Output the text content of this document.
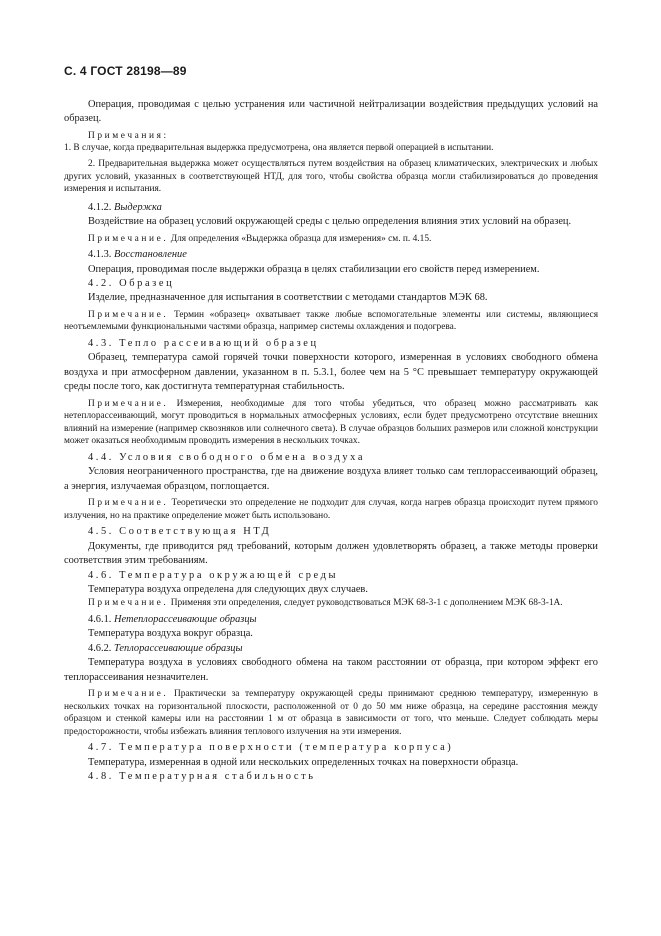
С. 4 ГОСТ 28198—89

Операция, проводимая с целью устранения или частичной нейтрализации воздействия предыдущих условий на образец.

Примечания:

1. В случае, когда предварительная выдержка предусмотрена, она является первой операцией в испытании.

2. Предварительная выдержка может осуществляться путем воздействия на образец климатических, электрических и любых других условий, указанных в соответствующей НТД, для того, чтобы свойства образца могли стабилизироваться до проведения измерения и испытания.

4.1.2. Выдержка

Воздействие на образец условий окружающей среды с целью определения влияния этих условий на образец.

Примечание. Для определения «Выдержка образца для измерения» см. п. 4.15.

4.1.3. Восстановление

Операция, проводимая после выдержки образца в целях стабилизации его свойств перед измерением.

4.2. Образец

Изделие, предназначенное для испытания в соответствии с методами стандартов МЭК 68.

Примечание. Термин «образец» охватывает также любые вспомогательные элементы или системы, являющиеся неотъемлемыми функциональными частями образца, например системы охлаждения и подогрева.

4.3. Тепло рассеивающий образец

Образец, температура самой горячей точки поверхности которого, измеренная в условиях свободного обмена воздуха и при атмосферном давлении, указанном в п. 5.3.1, более чем на 5 °С превышает температуру окружающей среды после того, как достигнута температурная стабильность.

Примечание. Измерения, необходимые для того чтобы убедиться, что образец можно рассматривать как нетеплорассеивающий, могут проводиться в нормальных атмосферных условиях, если будет предусмотрено отсутствие внешних влияний на измерение (например сквозняков или солнечного света). В случае образцов больших размеров или сложной конструкции может оказаться необходимым проводить измерения в нескольких точках.

4.4. Условия свободного обмена воздуха

Условия неограниченного пространства, где на движение воздуха влияет только сам теплорассеивающий образец, а энергия, излучаемая образцом, поглощается.

Примечание. Теоретически это определение не подходит для случая, когда нагрев образца происходит путем прямого излучения, но на практике определение может быть использовано.

4.5. Соответствующая НТД

Документы, где приводится ряд требований, которым должен удовлетворять образец, а также методы проверки соответствия этим требованиям.

4.6. Температура окружающей среды

Температура воздуха определена для следующих двух случаев.

Примечание. Применяя эти определения, следует руководствоваться МЭК 68-3-1 с дополнением МЭК 68-3-1А.

4.6.1. Нетеплорассеивающие образцы

Температура воздуха вокруг образца.

4.6.2. Теплорассеивающие образцы

Температура воздуха в условиях свободного обмена на таком расстоянии от образца, при котором эффект его теплорассеивания незначителен.

Примечание. Практически за температуру окружающей среды принимают среднюю температуру, измеренную в нескольких точках на горизонтальной плоскости, расположенной от 0 до 50 мм ниже образца, на середине расстояния между образцом и стенкой камеры или на расстоянии 1 м от образца в зависимости от того, что меньше. Следует соблюдать меры предосторожности, чтобы избежать влияния теплового излучения на эти измерения.

4.7. Температура поверхности (температура корпуса)

Температура, измеренная в одной или нескольких определенных точках на поверхности образца.

4.8. Температурная стабильность
